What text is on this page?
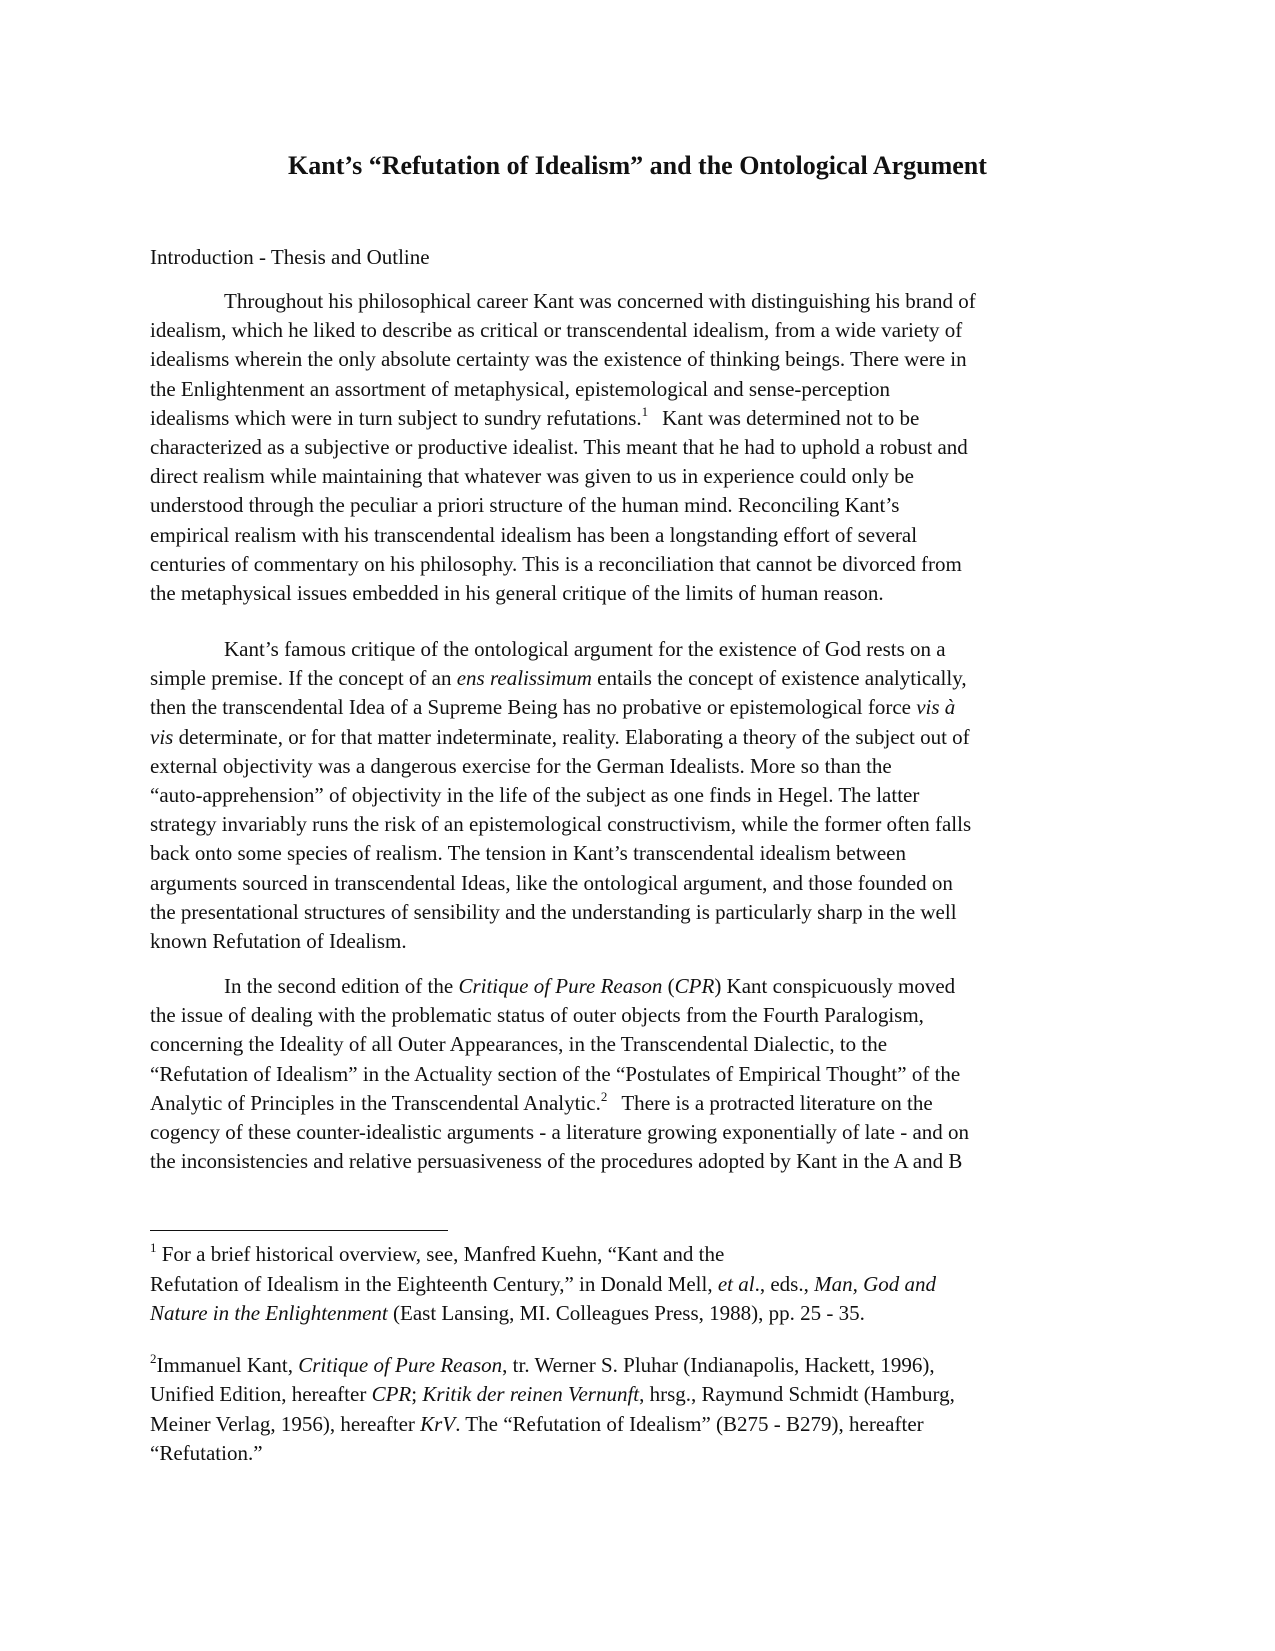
Kant’s “Refutation of Idealism” and the Ontological Argument
Introduction - Thesis and Outline
Throughout his philosophical career Kant was concerned with distinguishing his brand of
idealism, which he liked to describe as critical or transcendental idealism, from a wide variety of
idealisms wherein the only absolute certainty was the existence of thinking beings. There were in
the Enlightenment an assortment of metaphysical, epistemological and sense-perception
idealisms which were in turn subject to sundry refutations.$^1$ Kant was determined not to be
characterized as a subjective or productive idealist. This meant that he had to uphold a robust and
direct realism while maintaining that whatever was given to us in experience could only be
understood through the peculiar a priori structure of the human mind. Reconciling Kant’s
empirical realism with his transcendental idealism has been a longstanding effort of several
centuries of commentary on his philosophy. This is a reconciliation that cannot be divorced from
the metaphysical issues embedded in his general critique of the limits of human reason.
Kant’s famous critique of the ontological argument for the existence of God rests on a
simple premise. If the concept of an ens realissimum entails the concept of existence analytically,
then the transcendental Idea of a Supreme Being has no probative or epistemological force vis à
vis determinate, or for that matter indeterminate, reality. Elaborating a theory of the subject out of
external objectivity was a dangerous exercise for the German Idealists. More so than the
“auto-apprehension” of objectivity in the life of the subject as one finds in Hegel. The latter
strategy invariably runs the risk of an epistemological constructivism, while the former often falls
back onto some species of realism. The tension in Kant’s transcendental idealism between
arguments sourced in transcendental Ideas, like the ontological argument, and those founded on
the presentational structures of sensibility and the understanding is particularly sharp in the well
known Refutation of Idealism.
In the second edition of the Critique of Pure Reason (CPR) Kant conspicuously moved
the issue of dealing with the problematic status of outer objects from the Fourth Paralogism,
concerning the Ideality of all Outer Appearances, in the Transcendental Dialectic, to the
“Refutation of Idealism” in the Actuality section of the “Postulates of Empirical Thought” of the
Analytic of Principles in the Transcendental Analytic.$^2$ There is a protracted literature on the
cogency of these counter-idealistic arguments - a literature growing exponentially of late - and on
the inconsistencies and relative persuasiveness of the procedures adopted by Kant in the A and B
$^1$ For a brief historical overview, see, Manfred Kuehn, “Kant and the
Refutation of Idealism in the Eighteenth Century,” in Donald Mell, et al., eds., Man, God and
Nature in the Enlightenment (East Lansing, MI. Colleagues Press, 1988), pp. 25 - 35.
$^2$Immanuel Kant, Critique of Pure Reason, tr. Werner S. Pluhar (Indianapolis, Hackett, 1996),
Unified Edition, hereafter CPR; Kritik der reinen Vernunft, hrsg., Raymund Schmidt (Hamburg,
Meiner Verlag, 1956), hereafter KrV. The “Refutation of Idealism” (B275 - B279), hereafter
“Refutation.”
